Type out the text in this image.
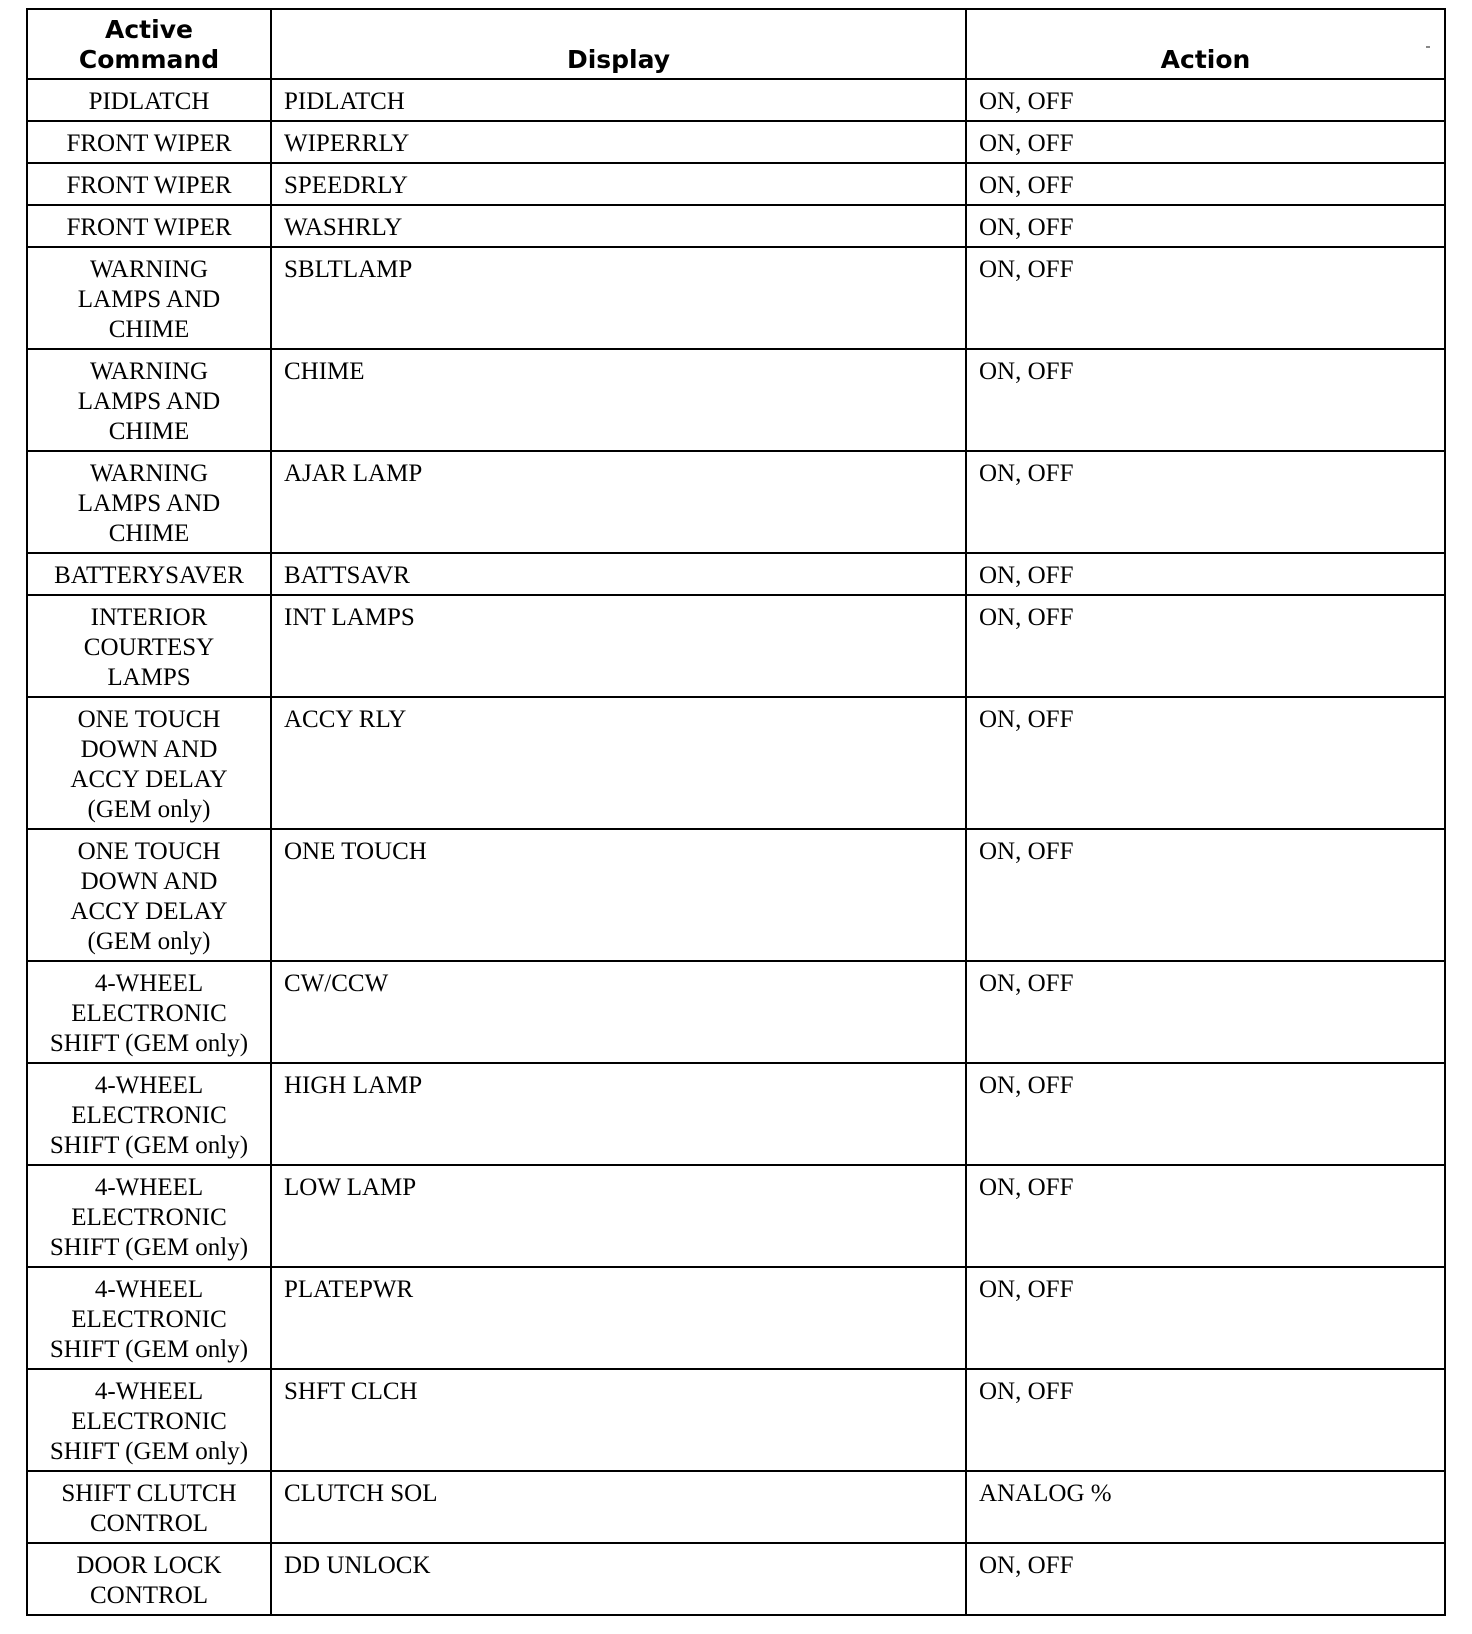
Active
Command	Display	Action
PIDLATCH	PIDLATCH	ON, OFF
FRONT WIPER	WIPERRLY	ON, OFF
FRONT WIPER	SPEEDRLY	ON, OFF
FRONT WIPER	WASHRLY	ON, OFF
WARNING
LAMPS AND
CHIME	SBLTLAMP	ON, OFF
WARNING
LAMPS AND
CHIME	CHIME	ON, OFF
WARNING
LAMPS AND
CHIME	AJAR LAMP	ON, OFF
BATTERYSAVER	BATTSAVR	ON, OFF
INTERIOR
COURTESY
LAMPS	INT LAMPS	ON, OFF
ONE TOUCH
DOWN AND
ACCY DELAY
(GEM only)	ACCY RLY	ON, OFF
ONE TOUCH
DOWN AND
ACCY DELAY
(GEM only)	ONE TOUCH	ON, OFF
4-WHEEL
ELECTRONIC
SHIFT (GEM only)	CW/CCW	ON, OFF
4-WHEEL
ELECTRONIC
SHIFT (GEM only)	HIGH LAMP	ON, OFF
4-WHEEL
ELECTRONIC
SHIFT (GEM only)	LOW LAMP	ON, OFF
4-WHEEL
ELECTRONIC
SHIFT (GEM only)	PLATEPWR	ON, OFF
4-WHEEL
ELECTRONIC
SHIFT (GEM only)	SHFT CLCH	ON, OFF
SHIFT CLUTCH
CONTROL	CLUTCH SOL	ANALOG %
DOOR LOCK
CONTROL	DD UNLOCK	ON, OFF
